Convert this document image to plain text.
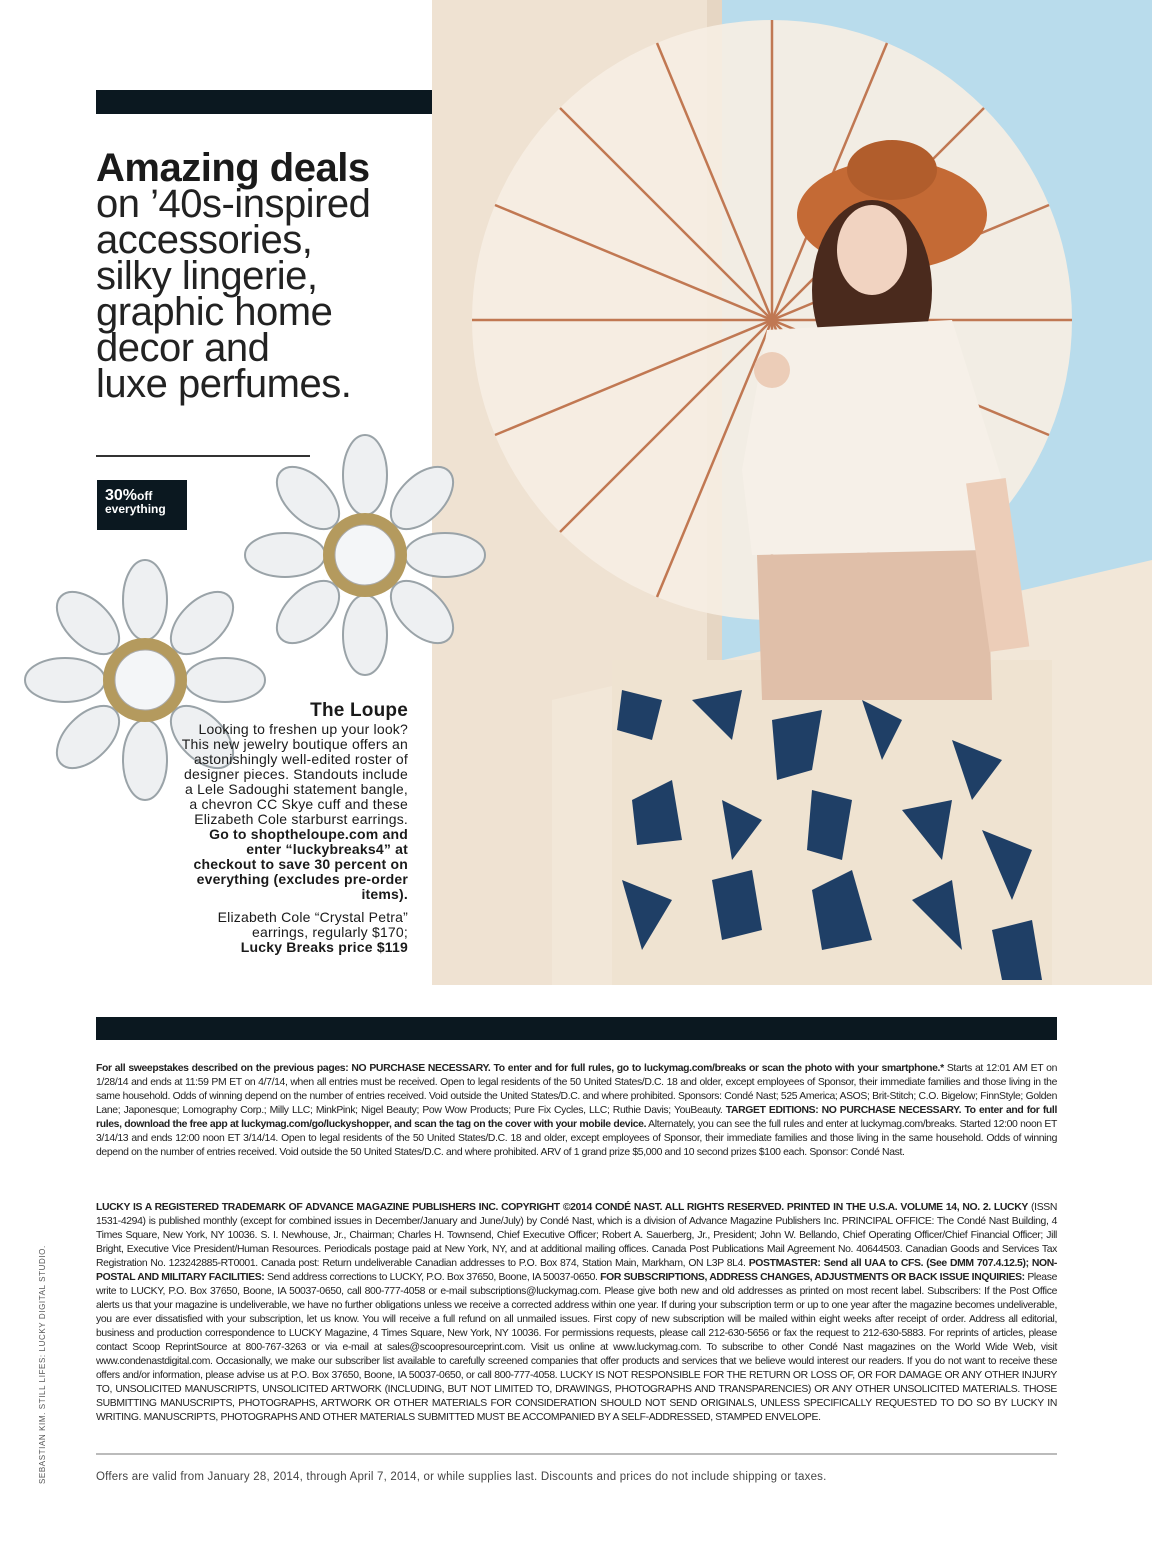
Amazing deals
on ’40s-inspired
accessories,
silky lingerie,
graphic home
decor and
luxe perfumes.
30%off
everything
The Loupe
Looking to freshen up your look? This new jewelry boutique offers an astonishingly well-edited roster of designer pieces. Standouts include a Lele Sadoughi statement bangle, a chevron CC Skye cuff and these Elizabeth Cole starburst earrings. Go to shoptheloupe.com and enter “luckybreaks4” at checkout to save 30 percent on everything (excludes pre-order items).
Elizabeth Cole “Crystal Petra” earrings, regularly $170;
Lucky Breaks price $119
For all sweepstakes described on the previous pages: NO PURCHASE NECESSARY. To enter and for full rules, go to luckymag.com/breaks or scan the photo with your smartphone.* Starts at 12:01 AM ET on 1/28/14 and ends at 11:59 PM ET on 4/7/14, when all entries must be received. Open to legal residents of the 50 United States/D.C. 18 and older, except employees of Sponsor, their immediate families and those living in the same household. Odds of winning depend on the number of entries received. Void outside the United States/D.C. and where prohibited. Sponsors: Condé Nast; 525 America; ASOS; Brit-Stitch; C.O. Bigelow; FinnStyle; Golden Lane; Japonesque; Lomography Corp.; Milly LLC; MinkPink; Nigel Beauty; Pow Wow Products; Pure Fix Cycles, LLC; Ruthie Davis; YouBeauty. TARGET EDITIONS: NO PURCHASE NECESSARY. To enter and for full rules, download the free app at luckymag.com/go/luckyshopper, and scan the tag on the cover with your mobile device. Alternately, you can see the full rules and enter at luckymag.com/breaks. Started 12:00 noon ET 3/14/13 and ends 12:00 noon ET 3/14/14. Open to legal residents of the 50 United States/D.C. 18 and older, except employees of Sponsor, their immediate families and those living in the same household. Odds of winning depend on the number of entries received. Void outside the 50 United States/D.C. and where prohibited. ARV of 1 grand prize $5,000 and 10 second prizes $100 each. Sponsor: Condé Nast.
LUCKY IS A REGISTERED TRADEMARK OF ADVANCE MAGAZINE PUBLISHERS INC. COPYRIGHT ©2014 CONDÉ NAST. ALL RIGHTS RESERVED. PRINTED IN THE U.S.A. VOLUME 14, NO. 2. LUCKY (ISSN 1531-4294) is published monthly (except for combined issues in December/January and June/July) by Condé Nast, which is a division of Advance Magazine Publishers Inc. PRINCIPAL OFFICE: The Condé Nast Building, 4 Times Square, New York, NY 10036. S. I. Newhouse, Jr., Chairman; Charles H. Townsend, Chief Executive Officer; Robert A. Sauerberg, Jr., President; John W. Bellando, Chief Operating Officer/Chief Financial Officer; Jill Bright, Executive Vice President/Human Resources. Periodicals postage paid at New York, NY, and at additional mailing offices. Canada Post Publications Mail Agreement No. 40644503. Canadian Goods and Services Tax Registration No. 123242885-RT0001. Canada post: Return undeliverable Canadian addresses to P.O. Box 874, Station Main, Markham, ON L3P 8L4. POSTMASTER: Send all UAA to CFS. (See DMM 707.4.12.5); NON-POSTAL AND MILITARY FACILITIES: Send address corrections to LUCKY, P.O. Box 37650, Boone, IA 50037-0650. FOR SUBSCRIPTIONS, ADDRESS CHANGES, ADJUSTMENTS OR BACK ISSUE INQUIRIES: Please write to LUCKY, P.O. Box 37650, Boone, IA 50037-0650, call 800-777-4058 or e-mail subscriptions@luckymag.com. Please give both new and old addresses as printed on most recent label. Subscribers: If the Post Office alerts us that your magazine is undeliverable, we have no further obligations unless we receive a corrected address within one year. If during your subscription term or up to one year after the magazine becomes undeliverable, you are ever dissatisfied with your subscription, let us know. You will receive a full refund on all unmailed issues. First copy of new subscription will be mailed within eight weeks after receipt of order. Address all editorial, business and production correspondence to LUCKY Magazine, 4 Times Square, New York, NY 10036. For permissions requests, please call 212-630-5656 or fax the request to 212-630-5883. For reprints of articles, please contact Scoop ReprintSource at 800-767-3263 or via e-mail at sales@scoopresourceprint.com. Visit us online at www.luckymag.com. To subscribe to other Condé Nast magazines on the World Wide Web, visit www.condenastdigital.com. Occasionally, we make our subscriber list available to carefully screened companies that offer products and services that we believe would interest our readers. If you do not want to receive these offers and/or information, please advise us at P.O. Box 37650, Boone, IA 50037-0650, or call 800-777-4058. LUCKY IS NOT RESPONSIBLE FOR THE RETURN OR LOSS OF, OR FOR DAMAGE OR ANY OTHER INJURY TO, UNSOLICITED MANUSCRIPTS, UNSOLICITED ARTWORK (INCLUDING, BUT NOT LIMITED TO, DRAWINGS, PHOTOGRAPHS AND TRANSPARENCIES) OR ANY OTHER UNSOLICITED MATERIALS. THOSE SUBMITTING MANUSCRIPTS, PHOTOGRAPHS, ARTWORK OR OTHER MATERIALS FOR CONSIDERATION SHOULD NOT SEND ORIGINALS, UNLESS SPECIFICALLY REQUESTED TO DO SO BY LUCKY IN WRITING. MANUSCRIPTS, PHOTOGRAPHS AND OTHER MATERIALS SUBMITTED MUST BE ACCOMPANIED BY A SELF-ADDRESSED, STAMPED ENVELOPE.
Offers are valid from January 28, 2014, through April 7, 2014, or while supplies last. Discounts and prices do not include shipping or taxes.
SEBASTIAN KIM. STILL LIFES: LUCKY DIGITAL STUDIO.
